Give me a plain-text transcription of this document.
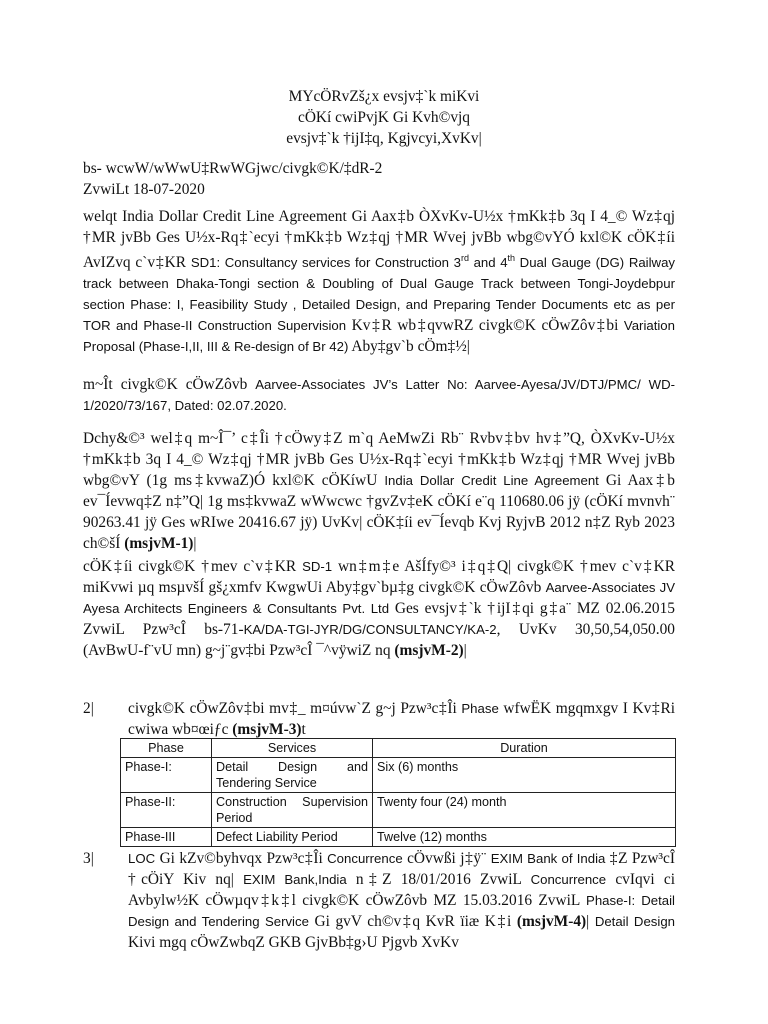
MYcÖRvZš¿x evsjv‡`k miKvi
cÖKí cwiPvjK Gi Kvh©vjq
evsjv‡`k †ijI‡q, Kgjvcyi,XvKv|
bs- wcwW/wWwU‡RwWGjwc/civgk©K/‡dR-2
ZvwiLt 18-07-2020
welqt India Dollar Credit Line Agreement Gi Aax‡b ÒXvKv-U½x †mKk‡b 3q I 4_© Wz‡qj †MR jvBb Ges U½x-Rq‡`ecyi †mKk‡b Wz‡qj †MR Wvej jvBb wbg©vYÓ kxl©K cÖK‡íi AvIZvq c`v‡KR SD1: Consultancy services for Construction 3rd and 4th Dual Gauge (DG) Railway track between Dhaka-Tongi section & Doubling of Dual Gauge Track between Tongi-Joydebpur section Phase: I, Feasibility Study , Detailed Design, and Preparing Tender Documents etc as per TOR and Phase-II Construction Supervision Kv‡R wb‡qvwRZ civgk©K cÖwZôv‡bi Variation Proposal (Phase-I,II, III & Re-design of Br 42) Aby‡gv`b cÖm‡½|
m~Ît civgk©K cÖwZôvb Aarvee-Associates JV’s Latter No: Aarvee-Ayesa/JV/DTJ/PMC/ WD-1/2020/73/167, Dated: 02.07.2020.
Dchy&©³ wel‡q m~Î¯’ c‡Îi †cÖwy‡Z m`q AeMwZi Rb¨ Rvbv‡bv hv‡”Q, ÒXvKv-U½x †mKk‡b 3q I 4_© Wz‡qj †MR jvBb Ges U½x-Rq‡`ecyi †mKk‡b Wz‡qj †MR Wvej jvBb wbg©vY (1g ms‡kvwaZ)Ó kxl©K cÖKíwU India Dollar Credit Line Agreement Gi Aax‡b ev¯Íevwq‡Z n‡”Q| 1g ms‡kvwaZ wWwcwc †gvZv‡eK cÖKí e¨q 110680.06 jÿ (cÖKí mvnvh¨ 90263.41 jÿ Ges wRIwe 20416.67 jÿ) UvKv| cÖK‡íi ev¯Íevqb Kvj RyjvB 2012 n‡Z Ryb 2023 ch©šÍ (msjvM-1)|
cÖK‡íi civgk©K †mev c`v‡KR SD-1 wn‡m‡e AšÍfy©³ i‡q‡Q| civgk©K †mev c`v‡KR miKvwi µq msµvšÍ gš¿xmfv KwgwUi Aby‡gv`bµ‡g civgk©K cÖwZôvb Aarvee-Associates JV Ayesa Architects Engineers & Consultants Pvt. Ltd Ges evsjv‡`k †ijI‡qi g‡a¨ MZ 02.06.2015 ZvwiL Pzw³cÎ bs-71-KA/DA-TGI-JYR/DG/CONSULTANCY/KA-2, UvKv 30,50,54,050.00 (AvBwU-f¨vU mn) g~j¨gv‡bi Pzw³cÎ ¯^vÿwiZ nq (msjvM-2)|
2| civgk©K cÖwZôv‡bi mv‡_ m¤úvw`Z g~j Pzw³c‡Îi Phase wfwËK mgqmxgv I Kv‡Ri cwiwa wb¤œiƒc (msjvM-3)t
Phase	Services	Duration
Phase-I:	Detail Design and Tendering Service	Six (6) months
Phase-II:	Construction Supervision Period	Twenty four (24) month
Phase-III	Defect Liability Period	Twelve (12) months
3|	LOC Gi kZv©byhvqx Pzw³c‡Îi Concurrence cÖvwßi j‡ÿ¨ EXIM Bank of India ‡Z Pzw³cÎ †cÖiY Kiv nq| EXIM Bank,India n‡Z 18/01/2016 ZvwiL Concurrence cvIqvi ci Avbylw½K cÖwµqv‡k‡l civgk©K cÖwZôvb MZ 15.03.2016 ZvwiL Phase-I: Detail Design and Tendering Service Gi gvV ch©v‡q KvR ïiæ K‡i (msjvM-4)| Detail Design Kivi mgq cÖwZwbqZ GKB GjvBb‡g›U Pjgvb XvKv
